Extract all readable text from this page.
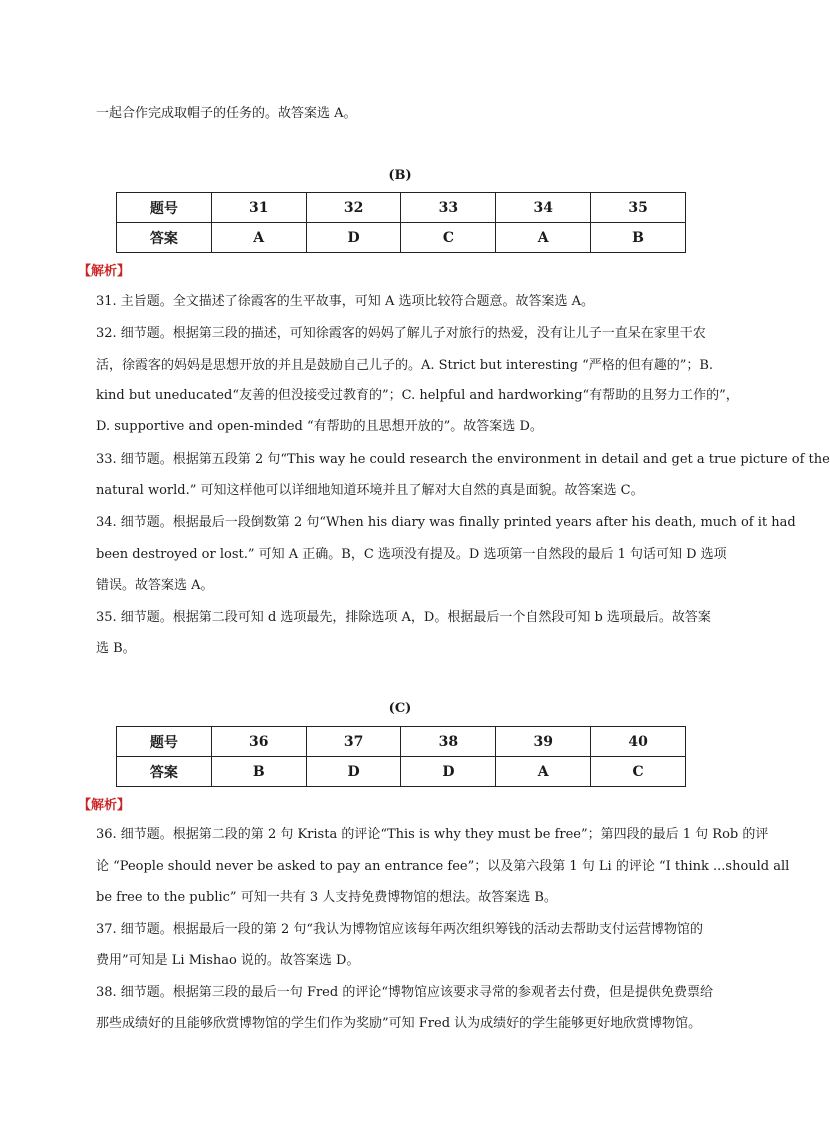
一起合作完成取帽子的任务的。故答案选 A。
(B)
题号	31	32	33	34	35
答案	A	D	C	A	B
【解析】
31. 主旨题。全文描述了徐霞客的生平故事，可知 A 选项比较符合题意。故答案选 A。
32. 细节题。根据第三段的描述，可知徐霞客的妈妈了解儿子对旅行的热爱，没有让儿子一直呆在家里干农
活，徐霞客的妈妈是思想开放的并且是鼓励自己儿子的。A. Strict but interesting “严格的但有趣的”；B.
kind but uneducated“友善的但没接受过教育的”；C. helpful and hardworking“有帮助的且努力工作的”，
D. supportive and open-minded “有帮助的且思想开放的”。故答案选 D。
33. 细节题。根据第五段第 2 句“This way he could research the environment in detail and get a true picture of the
natural world.” 可知这样他可以详细地知道环境并且了解对大自然的真是面貌。故答案选 C。
34. 细节题。根据最后一段倒数第 2 句“When his diary was finally printed years after his death, much of it had
been destroyed or lost.” 可知 A 正确。B，C 选项没有提及。D 选项第一自然段的最后 1 句话可知 D 选项
错误。故答案选 A。
35. 细节题。根据第二段可知 d 选项最先，排除选项 A，D。根据最后一个自然段可知 b 选项最后。故答案
选 B。
(C)
题号	36	37	38	39	40
答案	B	D	D	A	C
【解析】
36. 细节题。根据第二段的第 2 句 Krista 的评论“This is why they must be free”；第四段的最后 1 句 Rob 的评
论 “People should never be asked to pay an entrance fee”；以及第六段第 1 句 Li 的评论 “I think ...should all
be free to the public” 可知一共有 3 人支持免费博物馆的想法。故答案选 B。
37. 细节题。根据最后一段的第 2 句“我认为博物馆应该每年两次组织筹钱的活动去帮助支付运营博物馆的
费用”可知是 Li Mishao 说的。故答案选 D。
38. 细节题。根据第三段的最后一句 Fred 的评论“博物馆应该要求寻常的参观者去付费，但是提供免费票给
那些成绩好的且能够欣赏博物馆的学生们作为奖励”可知 Fred 认为成绩好的学生能够更好地欣赏博物馆。
